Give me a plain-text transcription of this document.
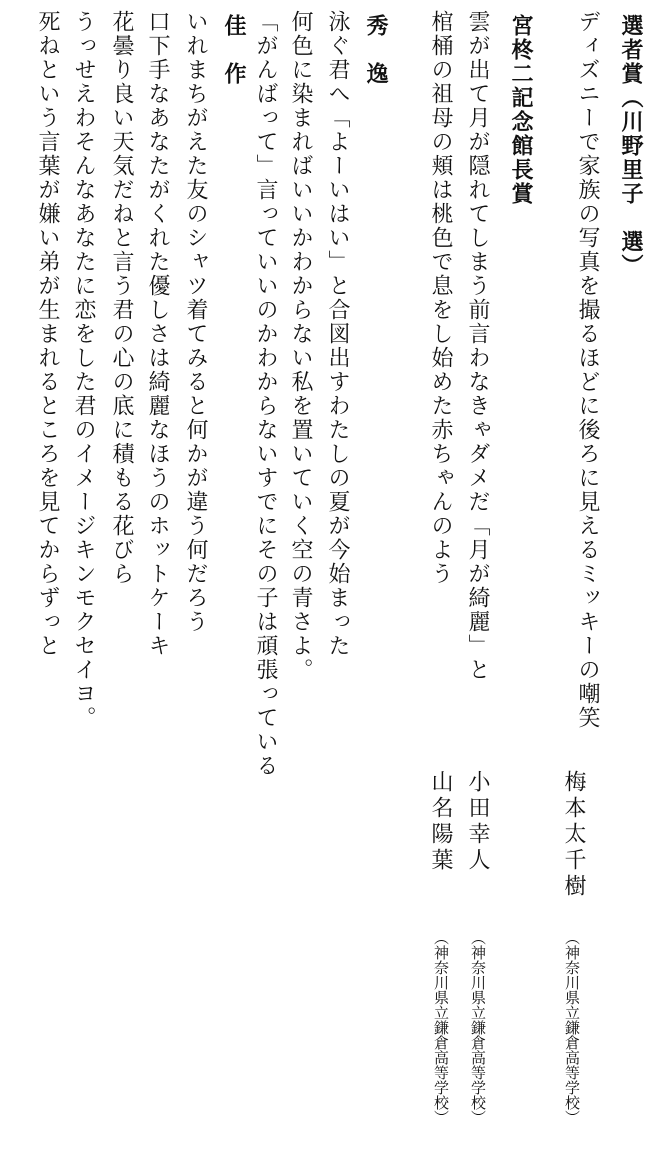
選者賞（川野里子　選）
ディズニーで家族の写真を撮るほどに後ろに見えるミッキーの嘲笑
宮柊二記念館長賞
雲が出て月が隠れてしまう前言わなきゃダメだ「月が綺麗」と
棺桶の祖母の頬は桃色で息をし始めた赤ちゃんのよう
秀　逸
泳ぐ君へ「よーいはい」と合図出すわたしの夏が今始まった
何色に染まればいいかわからない私を置いていく空の青さよ。
「がんばって」言っていいのかわからないすでにその子は頑張っている
佳　作
いれまちがえた友のシャツ着てみると何かが違う何だろう
口下手なあなたがくれた優しさは綺麗なほうのホットケーキ
花曇り良い天気だねと言う君の心の底に積もる花びら
うっせえわそんなあなたに恋をした君のイメージキンモクセイヨ。
死ねという言葉が嫌い弟が生まれるところを見てからずっと
梅本太千樹
小田幸人
山名陽葉
（神奈川県立鎌倉高等学校）
（神奈川県立鎌倉高等学校）
（神奈川県立鎌倉高等学校）
